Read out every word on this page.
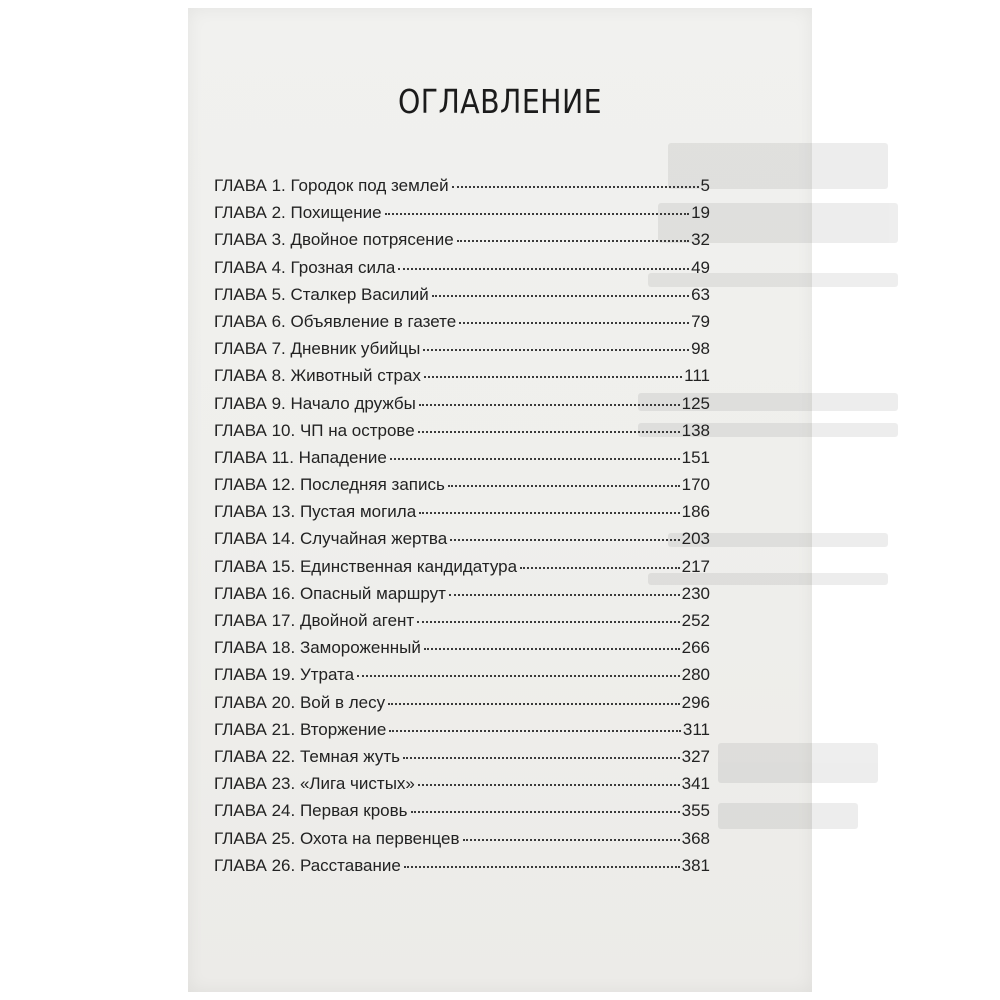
ОГЛАВЛЕНИЕ
ГЛАВА 1. Городок под землей	5
ГЛАВА 2. Похищение	19
ГЛАВА 3. Двойное потрясение	32
ГЛАВА 4. Грозная сила	49
ГЛАВА 5. Сталкер Василий	63
ГЛАВА 6. Объявление в газете	79
ГЛАВА 7. Дневник убийцы	98
ГЛАВА 8. Животный страх	111
ГЛАВА 9. Начало дружбы	125
ГЛАВА 10. ЧП на острове	138
ГЛАВА 11. Нападение	151
ГЛАВА 12. Последняя запись	170
ГЛАВА 13. Пустая могила	186
ГЛАВА 14. Случайная жертва	203
ГЛАВА 15. Единственная кандидатура	217
ГЛАВА 16. Опасный маршрут	230
ГЛАВА 17. Двойной агент	252
ГЛАВА 18. Замороженный	266
ГЛАВА 19. Утрата	280
ГЛАВА 20. Вой в лесу	296
ГЛАВА 21. Вторжение	311
ГЛАВА 22. Темная жуть	327
ГЛАВА 23. «Лига чистых»	341
ГЛАВА 24. Первая кровь	355
ГЛАВА 25. Охота на первенцев	368
ГЛАВА 26. Расставание	381
